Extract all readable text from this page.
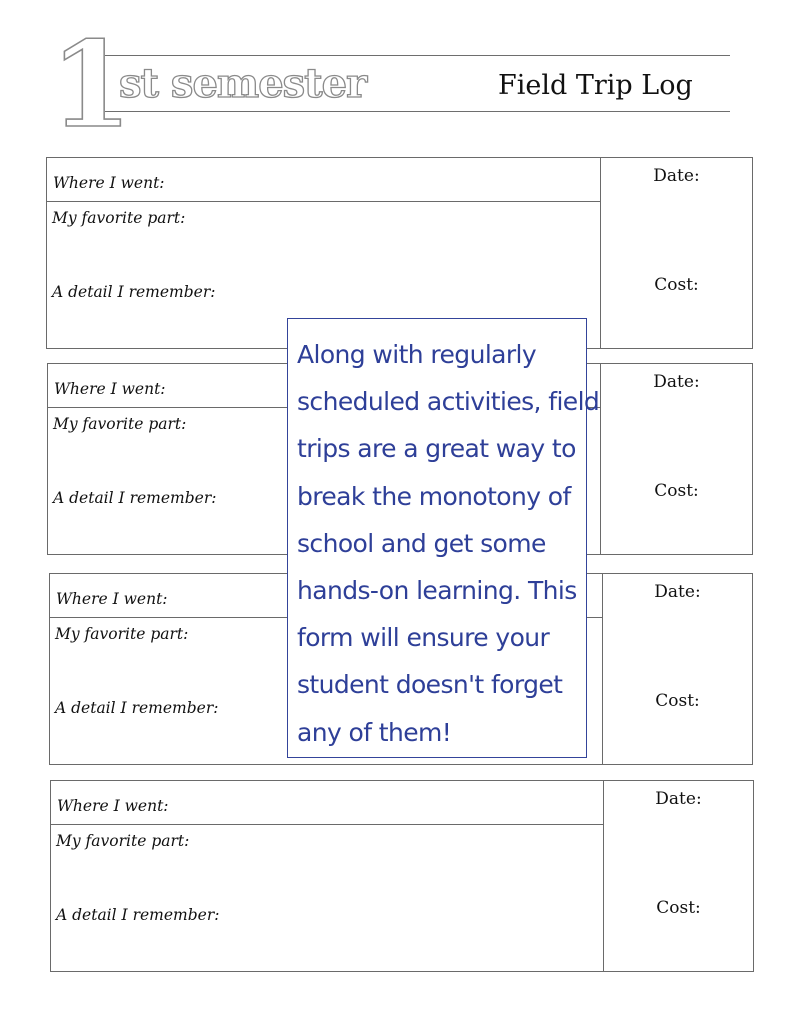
1
st semester	Field Trip Log
Where I went:
My favorite part:
A detail I remember:
Date:
Cost:
Where I went:
My favorite part:
A detail I remember:
Date:
Cost:
Where I went:
My favorite part:
A detail I remember:
Date:
Cost:
Where I went:
My favorite part:
A detail I remember:
Date:
Cost:

Along with regularly
scheduled activities, field
trips are a great way to
break the monotony of
school and get some
hands-on learning. This
form will ensure your
student doesn't forget
any of them!
